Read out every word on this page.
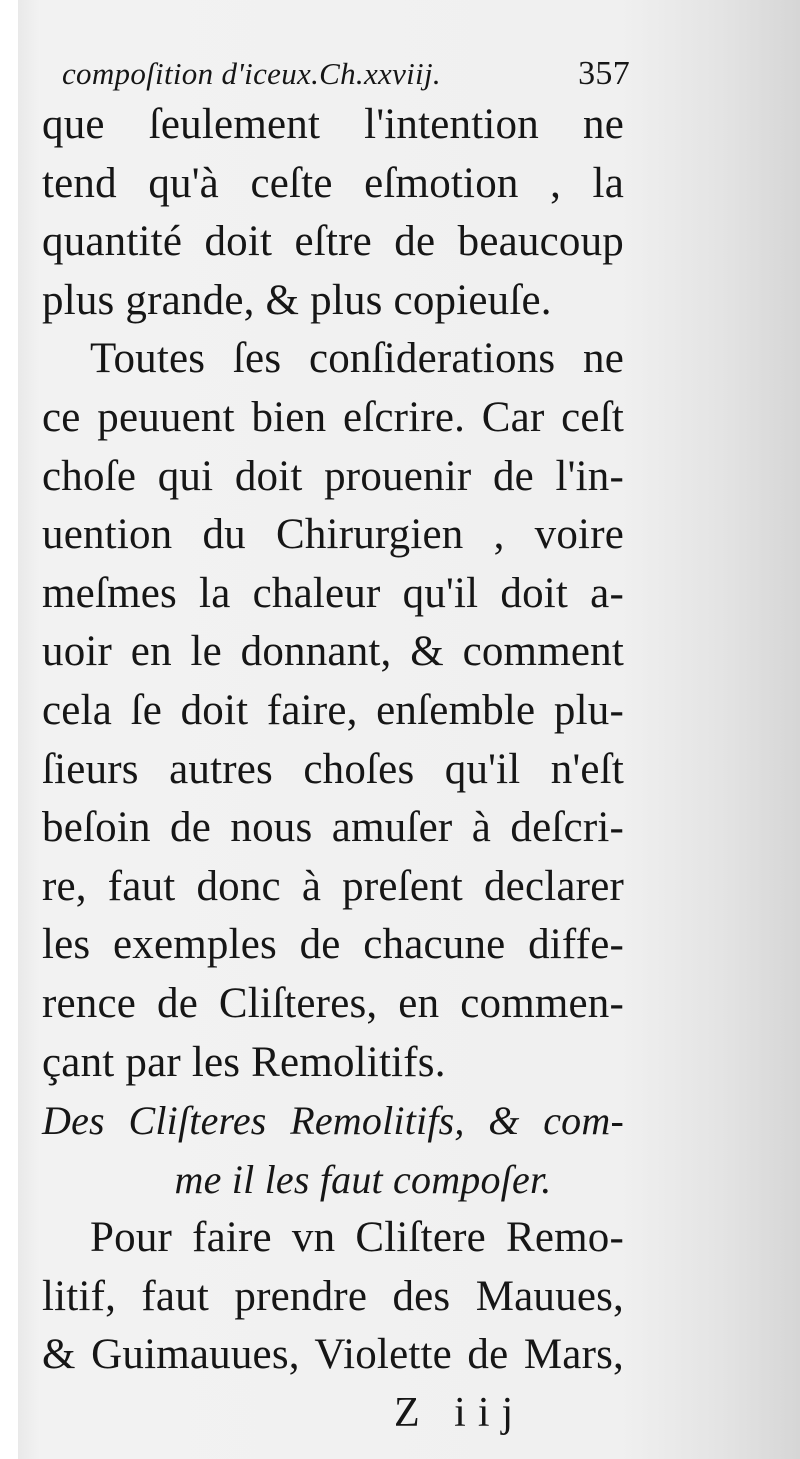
compoſition d'iceux.Ch.xxviij.	357
que ſeulement l'intention ne
tend qu'à ceſte eſmotion , la
quantité doit eſtre de beaucoup
plus grande, & plus copieuſe.
Toutes ſes conſiderations ne
ce peuuent bien eſcrire. Car ceſt
choſe qui doit prouenir de l'in-
uention du Chirurgien , voire
meſmes la chaleur qu'il doit a-
uoir en le donnant, & comment
cela ſe doit faire, enſemble plu-
ſieurs autres choſes qu'il n'eſt
beſoin de nous amuſer à deſcri-
re, faut donc à preſent declarer
les exemples de chacune diffe-
rence de Cliſteres, en commen-
çant par les Remolitifs.
Des Cliſteres Remolitifs, & com-
me il les faut compoſer.
Pour faire vn Cliſtere Remo-
litif, faut prendre des Mauues,
& Guimauues, Violette de Mars,
Z iij
